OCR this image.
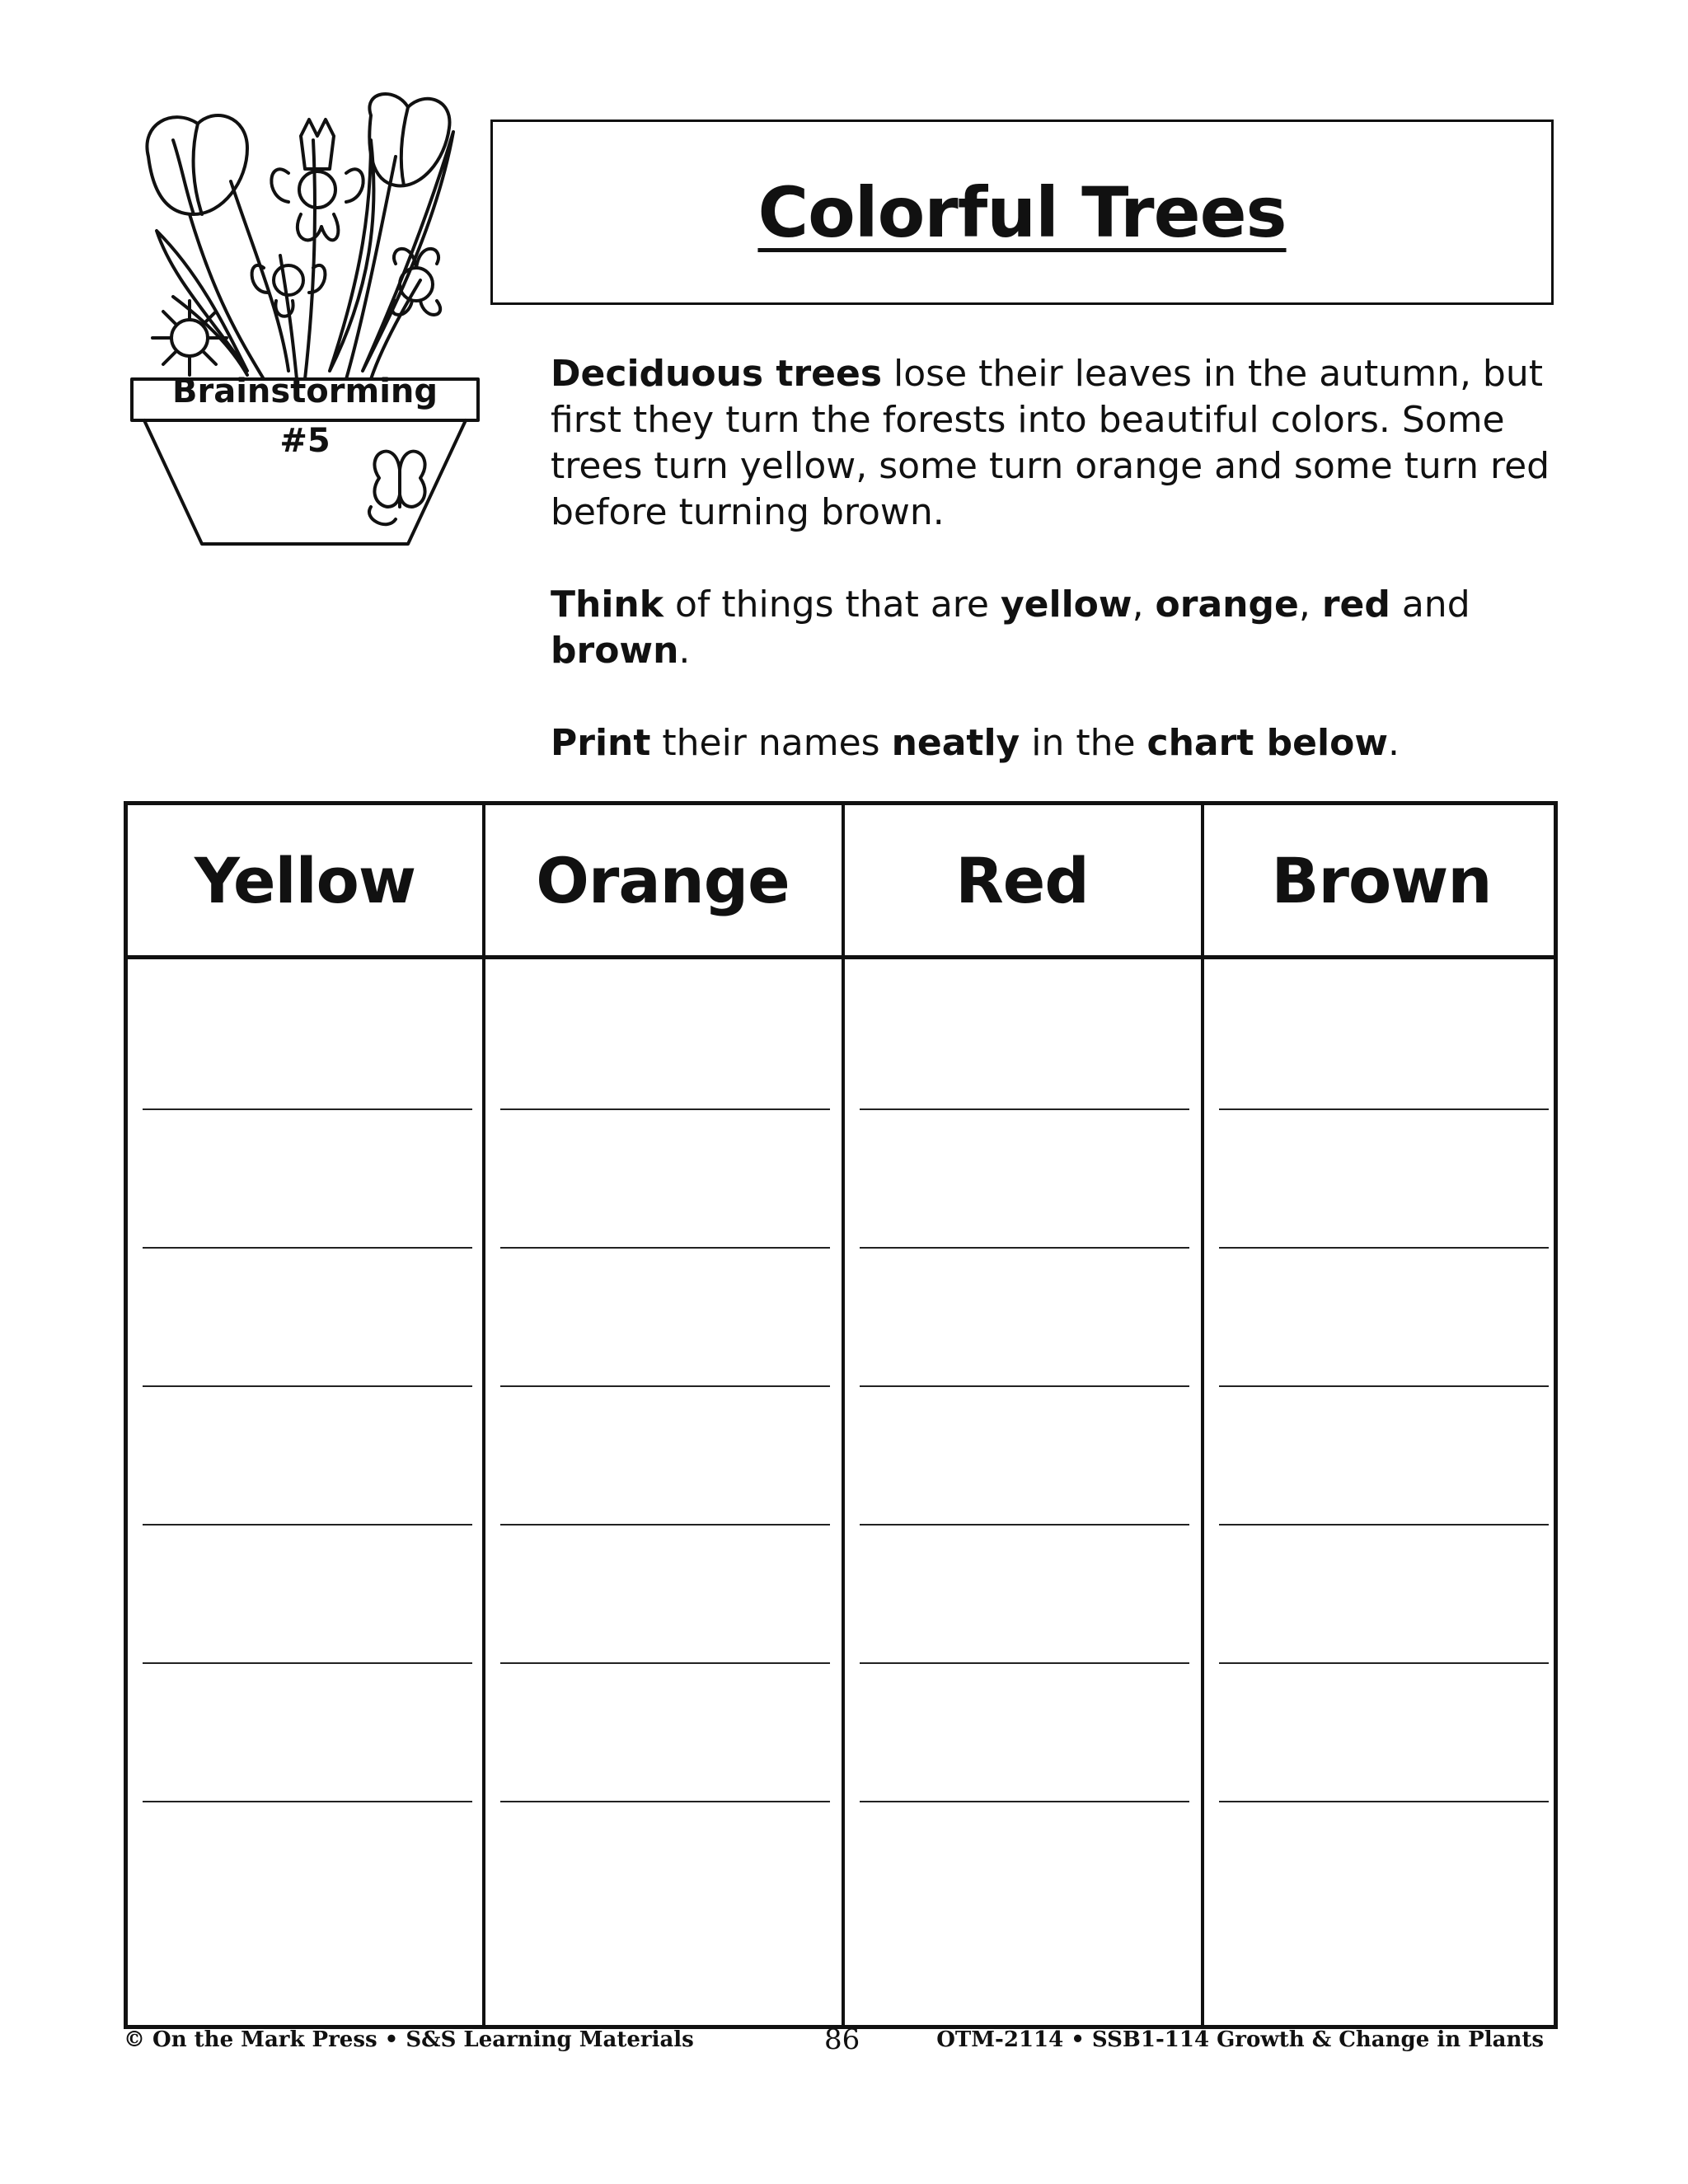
Brainstorming
#5
Colorful Trees
Deciduous trees lose their leaves in the autumn, but first they turn the forests into beautiful colors. Some trees turn yellow, some turn orange and some turn red before turning brown.
Think of things that are yellow, orange, red and brown.
Print their names neatly in the chart below.
Yellow	Orange	Red	Brown
© On the Mark Press • S&S Learning Materials	86	OTM-2114 • SSB1-114 Growth & Change in Plants
